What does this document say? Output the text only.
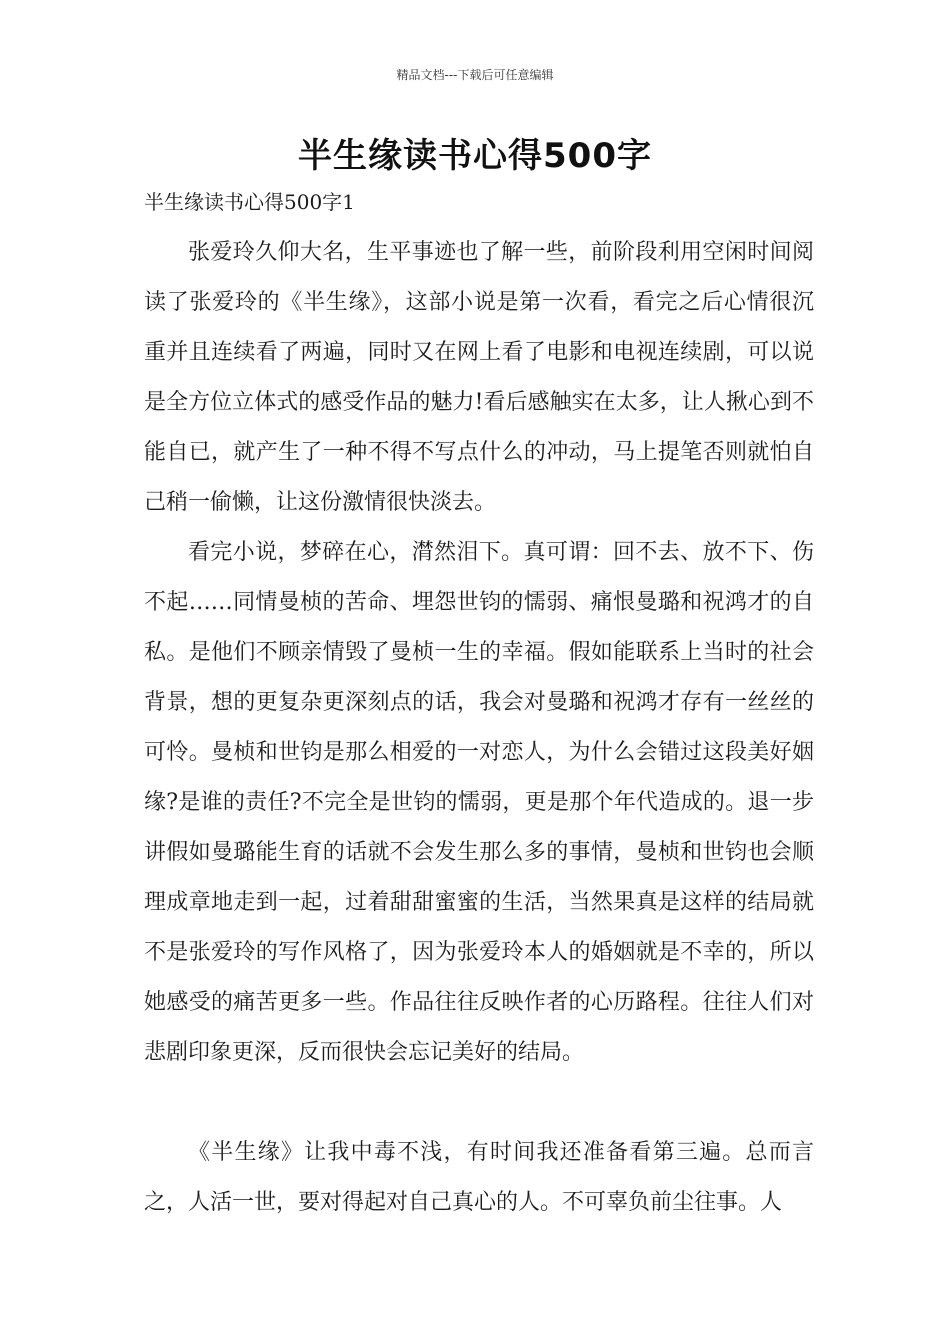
精品文档---下载后可任意编辑
半生缘读书心得500字

半生缘读书心得500字1

张爱玲久仰大名，生平事迹也了解一些，前阶段利用空闲时间阅读了张爱玲的《半生缘》，这部小说是第一次看，看完之后心情很沉重并且连续看了两遍，同时又在网上看了电影和电视连续剧，可以说是全方位立体式的感受作品的魅力!看后感触实在太多，让人揪心到不能自已，就产生了一种不得不写点什么的冲动，马上提笔否则就怕自己稍一偷懒，让这份激情很快淡去。

看完小说，梦碎在心，潸然泪下。真可谓：回不去、放不下、伤不起……同情曼桢的苦命、埋怨世钧的懦弱、痛恨曼璐和祝鸿才的自私。是他们不顾亲情毁了曼桢一生的幸福。假如能联系上当时的社会背景，想的更复杂更深刻点的话，我会对曼璐和祝鸿才存有一丝丝的可怜。曼桢和世钧是那么相爱的一对恋人，为什么会错过这段美好姻缘?是谁的责任?不完全是世钧的懦弱，更是那个年代造成的。退一步讲假如曼璐能生育的话就不会发生那么多的事情，曼桢和世钧也会顺理成章地走到一起，过着甜甜蜜蜜的生活，当然果真是这样的结局就不是张爱玲的写作风格了，因为张爱玲本人的婚姻就是不幸的，所以她感受的痛苦更多一些。作品往往反映作者的心历路程。往往人们对悲剧印象更深，反而很快会忘记美好的结局。

《半生缘》让我中毒不浅，有时间我还准备看第三遍。总而言之，人活一世，要对得起对自己真心的人。不可辜负前尘往事。人
